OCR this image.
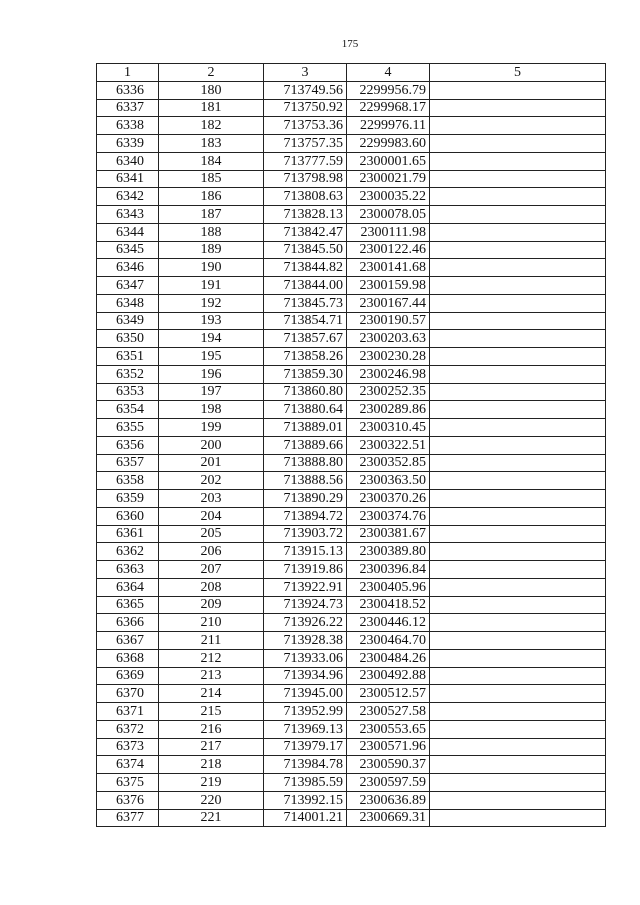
175
1	2	3	4	5
6336	180	713749.56	2299956.79	
6337	181	713750.92	2299968.17	
6338	182	713753.36	2299976.11	
6339	183	713757.35	2299983.60	
6340	184	713777.59	2300001.65	
6341	185	713798.98	2300021.79	
6342	186	713808.63	2300035.22	
6343	187	713828.13	2300078.05	
6344	188	713842.47	2300111.98	
6345	189	713845.50	2300122.46	
6346	190	713844.82	2300141.68	
6347	191	713844.00	2300159.98	
6348	192	713845.73	2300167.44	
6349	193	713854.71	2300190.57	
6350	194	713857.67	2300203.63	
6351	195	713858.26	2300230.28	
6352	196	713859.30	2300246.98	
6353	197	713860.80	2300252.35	
6354	198	713880.64	2300289.86	
6355	199	713889.01	2300310.45	
6356	200	713889.66	2300322.51	
6357	201	713888.80	2300352.85	
6358	202	713888.56	2300363.50	
6359	203	713890.29	2300370.26	
6360	204	713894.72	2300374.76	
6361	205	713903.72	2300381.67	
6362	206	713915.13	2300389.80	
6363	207	713919.86	2300396.84	
6364	208	713922.91	2300405.96	
6365	209	713924.73	2300418.52	
6366	210	713926.22	2300446.12	
6367	211	713928.38	2300464.70	
6368	212	713933.06	2300484.26	
6369	213	713934.96	2300492.88	
6370	214	713945.00	2300512.57	
6371	215	713952.99	2300527.58	
6372	216	713969.13	2300553.65	
6373	217	713979.17	2300571.96	
6374	218	713984.78	2300590.37	
6375	219	713985.59	2300597.59	
6376	220	713992.15	2300636.89	
6377	221	714001.21	2300669.31	
